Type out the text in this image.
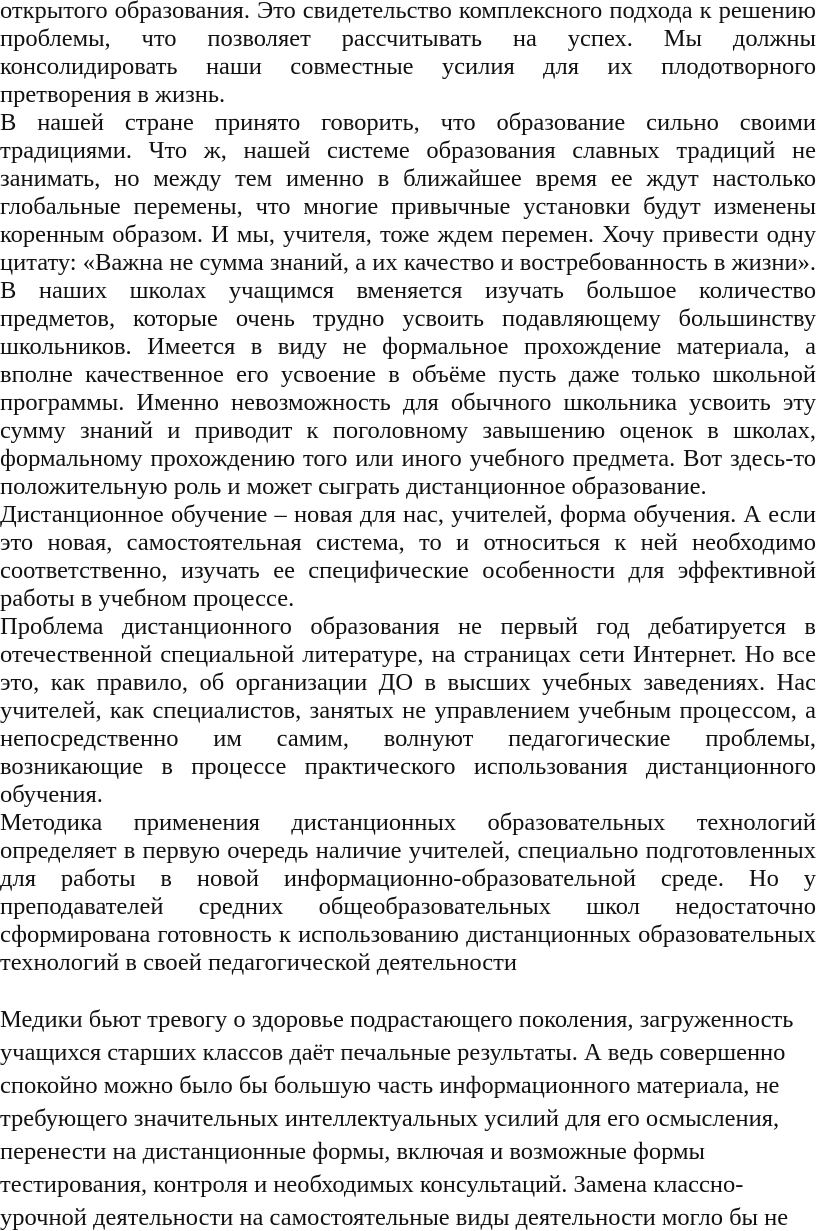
открытого образования. Это свидетельство комплексного подхода к решению проблемы, что позволяет рассчитывать на успех. Мы должны консолидировать наши совместные усилия для их плодотворного претворения в жизнь.

В нашей стране принято говорить, что образование сильно своими традициями. Что ж, нашей системе образования славных традиций не занимать, но между тем именно в ближайшее время ее ждут настолько глобальные перемены, что многие привычные установки будут изменены коренным образом. И мы, учителя, тоже ждем перемен. Хочу привести одну цитату: «Важна не сумма знаний, а их качество и востребованность в жизни». В наших школах учащимся вменяется изучать большое количество предметов, которые очень трудно усвоить подавляющему большинству школьников. Имеется в виду не формальное прохождение материала, а вполне качественное его усвоение в объёме пусть даже только школьной программы. Именно невозможность для обычного школьника усвоить эту сумму знаний и приводит к поголовному завышению оценок в школах, формальному прохождению того или иного учебного предмета. Вот здесь-то положительную роль и может сыграть дистанционное образование.

Дистанционное обучение – новая для нас, учителей, форма обучения. А если это новая, самостоятельная система, то и относиться к ней необходимо соответственно, изучать ее специфические особенности для эффективной работы в учебном процессе.

Проблема дистанционного образования не первый год дебатируется в отечественной специальной литературе, на страницах сети Интернет. Но все это, как правило, об организации ДО в высших учебных заведениях. Нас учителей, как специалистов, занятых не управлением учебным процессом, а непосредственно им самим, волнуют педагогические проблемы, возникающие в процессе практического использования дистанционного обучения.

Методика применения дистанционных образовательных технологий определяет в первую очередь наличие учителей, специально подготовленных для работы в новой информационно-образовательной среде. Но у преподавателей средних общеобразовательных школ недостаточно сформирована готовность к использованию дистанционных образовательных технологий в своей педагогической деятельности

Медики бьют тревогу о здоровье подрастающего поколения, загруженность учащихся старших классов даёт печальные результаты. А ведь совершенно спокойно можно было бы большую часть информационного материала, не требующего значительных интеллектуальных усилий для его осмысления, перенести на дистанционные формы, включая и возможные формы тестирования, контроля и необходимых консультаций. Замена классно-урочной деятельности на самостоятельные виды деятельности могло бы не
